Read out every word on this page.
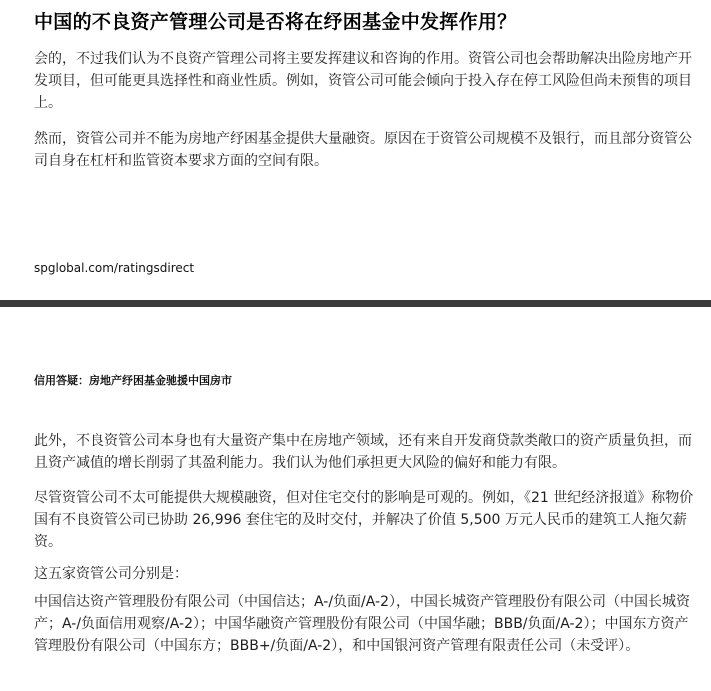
中国的不良资产管理公司是否将在纾困基金中发挥作用？

会的，不过我们认为不良资产管理公司将主要发挥建议和咨询的作用。资管公司也会帮助解决出险房地产开发项目，但可能更具选择性和商业性质。例如，资管公司可能会倾向于投入存在停工风险但尚未预售的项目上。

然而，资管公司并不能为房地产纾困基金提供大量融资。原因在于资管公司规模不及银行，而且部分资管公司自身在杠杆和监管资本要求方面的空间有限。

spglobal.com/ratingsdirect
信用答疑：房地产纾困基金驰援中国房市

此外，不良资管公司本身也有大量资产集中在房地产领域，还有来自开发商贷款类敞口的资产质量负担，而且资产减值的增长削弱了其盈利能力。我们认为他们承担更大风险的偏好和能力有限。

尽管资管公司不太可能提供大规模融资，但对住宅交付的影响是可观的。例如，《21 世纪经济报道》称物价国有不良资管公司已协助 26,996 套住宅的及时交付，并解决了价值 5,500 万元人民币的建筑工人拖欠薪资。

这五家资管公司分别是：

中国信达资产管理股份有限公司（中国信达；A-/负面/A-2），中国长城资产管理股份有限公司（中国长城资产；A-/负面信用观察/A-2）；中国华融资产管理股份有限公司（中国华融；BBB/负面/A-2）；中国东方资产管理股份有限公司（中国东方；BBB+/负面/A-2），和中国银河资产管理有限责任公司（未受评）。
